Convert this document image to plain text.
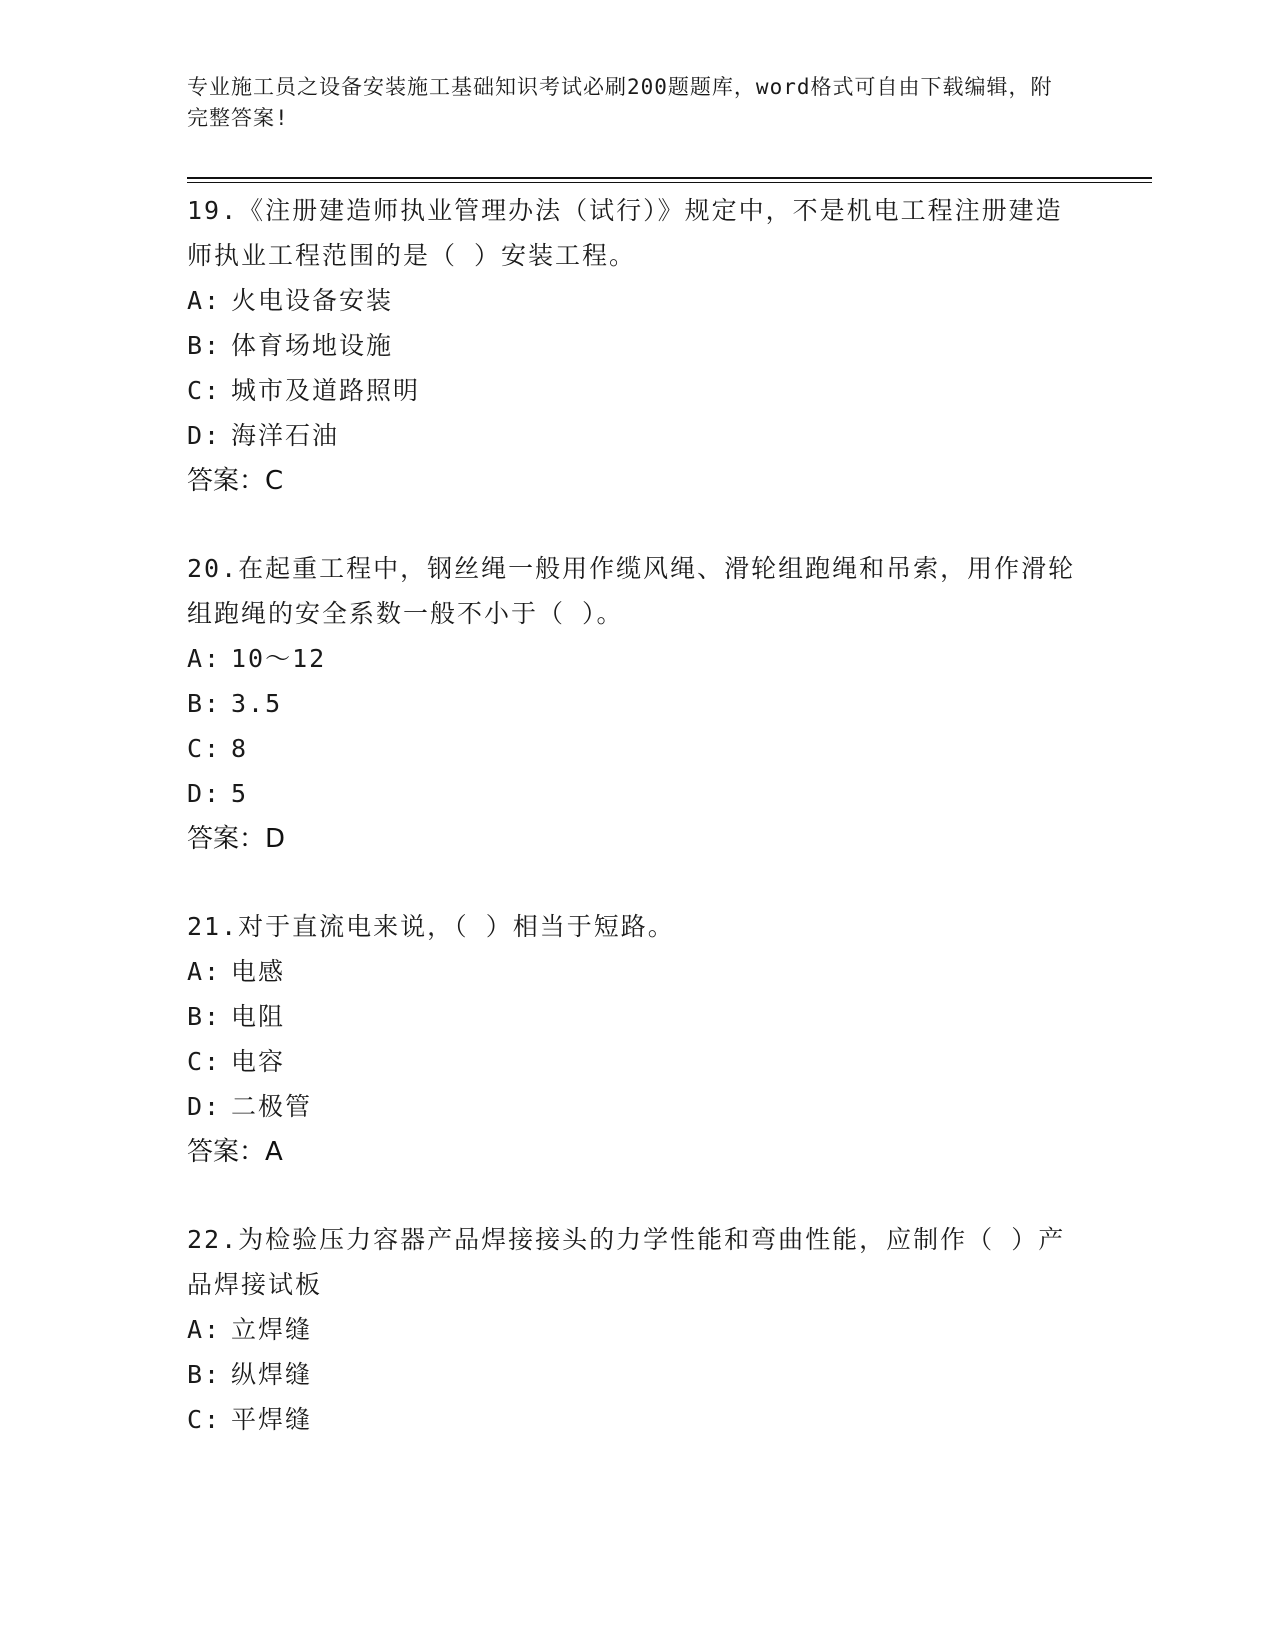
专业施工员之设备安装施工基础知识考试必刷200题题库，word格式可自由下载编辑，附完整答案!
19.《注册建造师执业管理办法（试行）》规定中，不是机电工程注册建造师执业工程范围的是（ ）安装工程。
A: 火电设备安装
B: 体育场地设施
C: 城市及道路照明
D: 海洋石油
答案：C
20.在起重工程中，钢丝绳一般用作缆风绳、滑轮组跑绳和吊索，用作滑轮组跑绳的安全系数一般不小于（ ）。
A: 10～12
B: 3.5
C: 8
D: 5
答案：D
21.对于直流电来说，（ ）相当于短路。
A: 电感
B: 电阻
C: 电容
D: 二极管
答案：A
22.为检验压力容器产品焊接接头的力学性能和弯曲性能，应制作（ ）产品焊接试板
A: 立焊缝
B: 纵焊缝
C: 平焊缝
